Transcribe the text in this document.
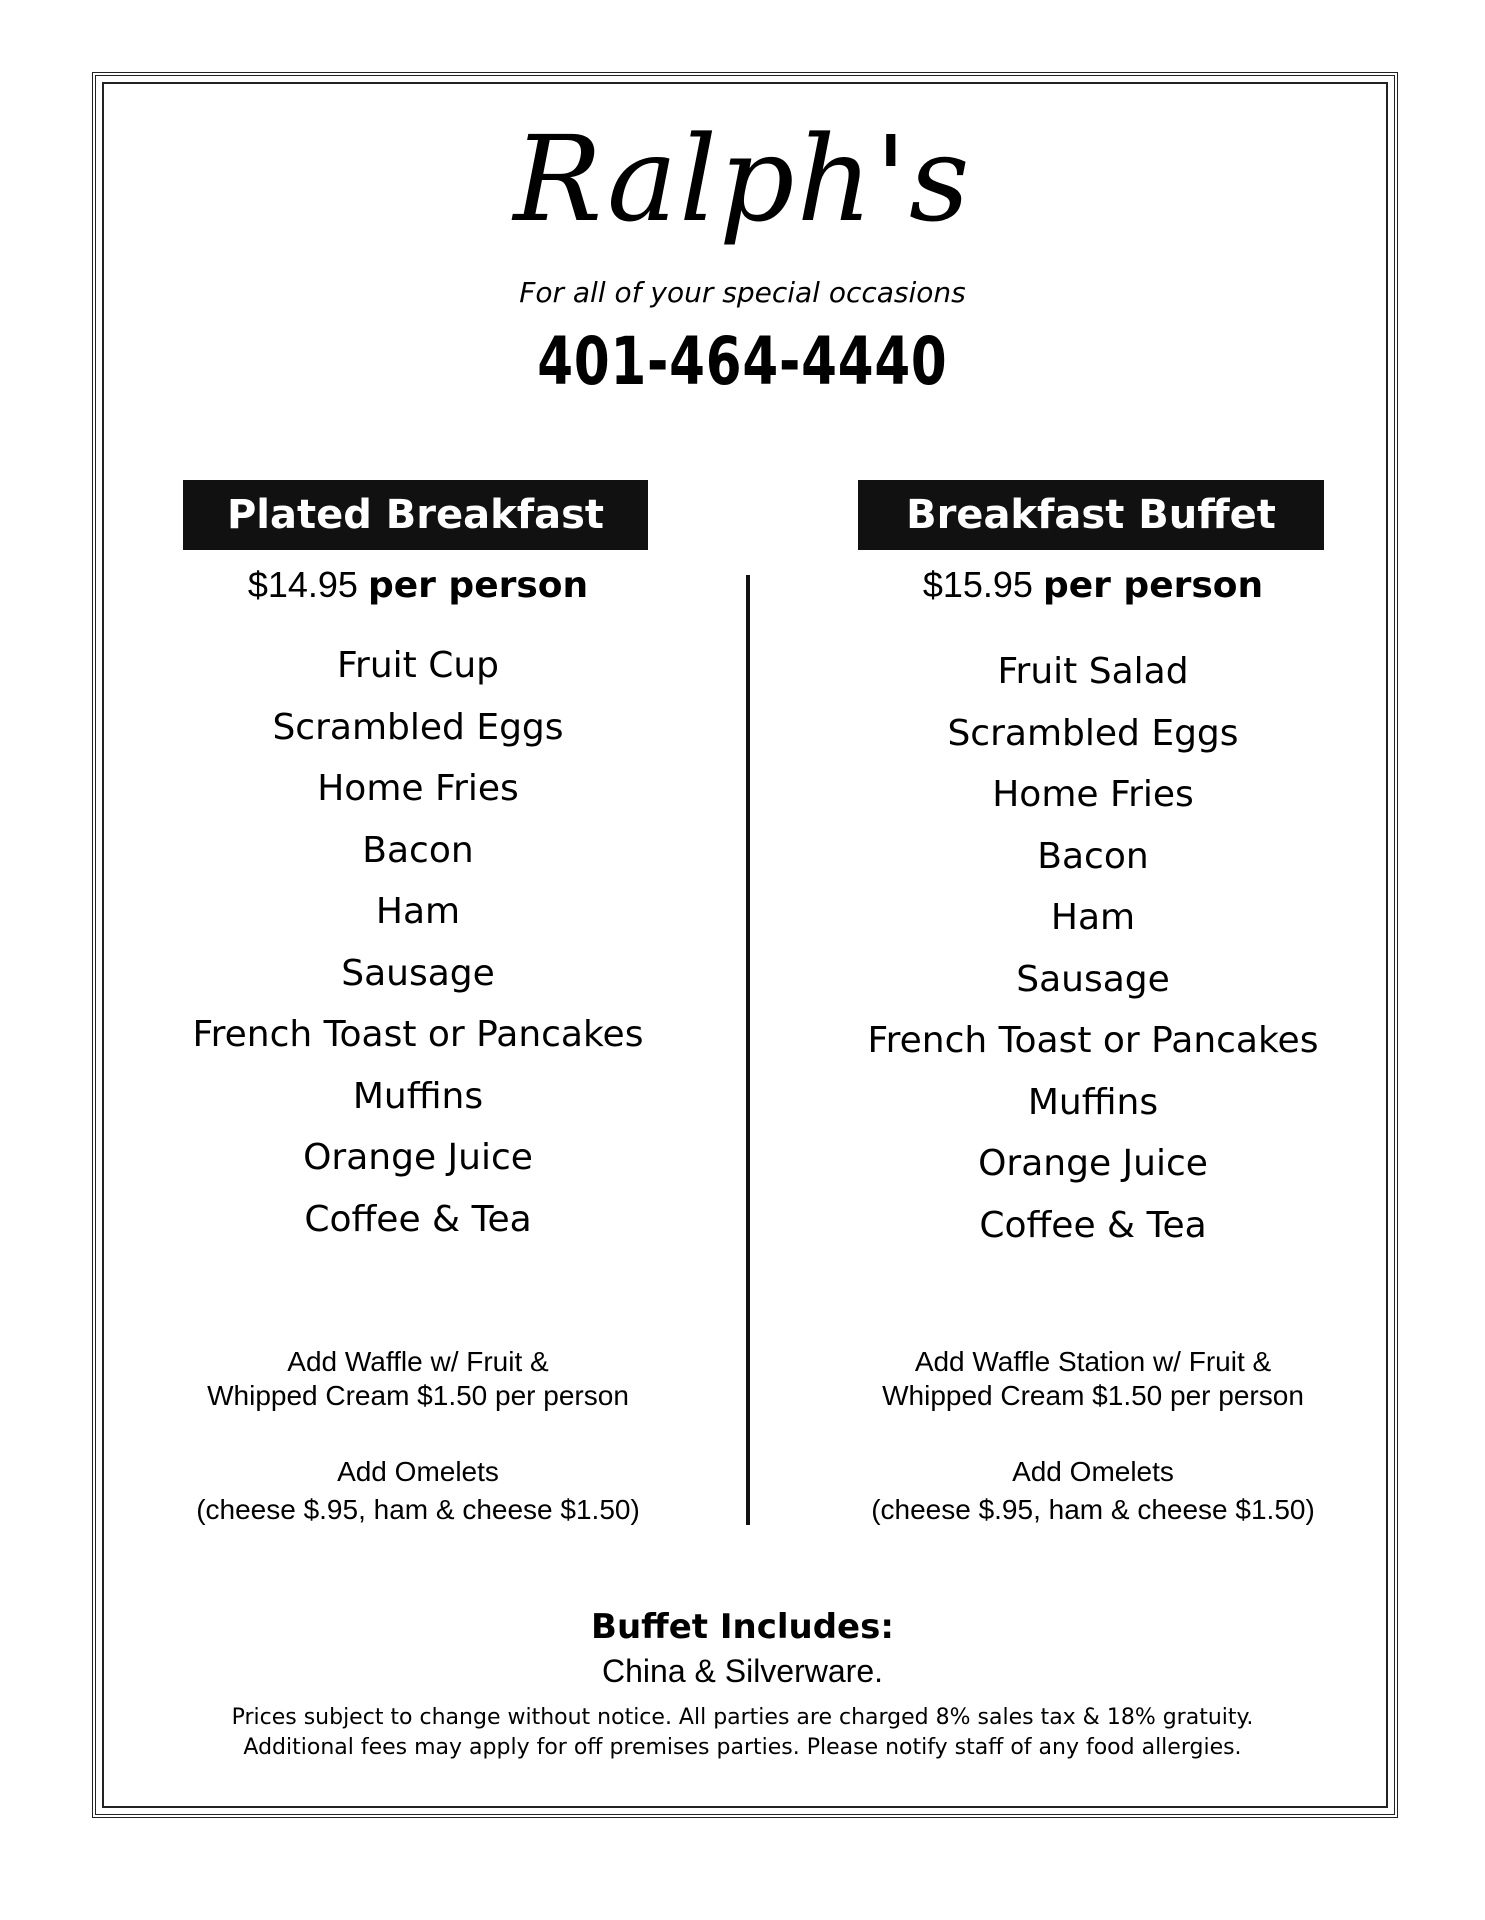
Ralph's
For all of your special occasions
401-464-4440
Plated Breakfast
$14.95 per person
Fruit Cup
Scrambled Eggs
Home Fries
Bacon
Ham
Sausage
French Toast or Pancakes
Muffins
Orange Juice
Coffee & Tea
Add Waffle w/ Fruit &
Whipped Cream $1.50 per person
Add Omelets
(cheese $.95, ham & cheese $1.50)
Breakfast Buffet
$15.95 per person
Fruit Salad
Scrambled Eggs
Home Fries
Bacon
Ham
Sausage
French Toast or Pancakes
Muffins
Orange Juice
Coffee & Tea
Add Waffle Station w/ Fruit &
Whipped Cream $1.50 per person
Add Omelets
(cheese $.95, ham & cheese $1.50)
Buffet Includes:
China & Silverware.
Prices subject to change without notice. All parties are charged 8% sales tax & 18% gratuity.
Additional fees may apply for off premises parties. Please notify staff of any food allergies.
